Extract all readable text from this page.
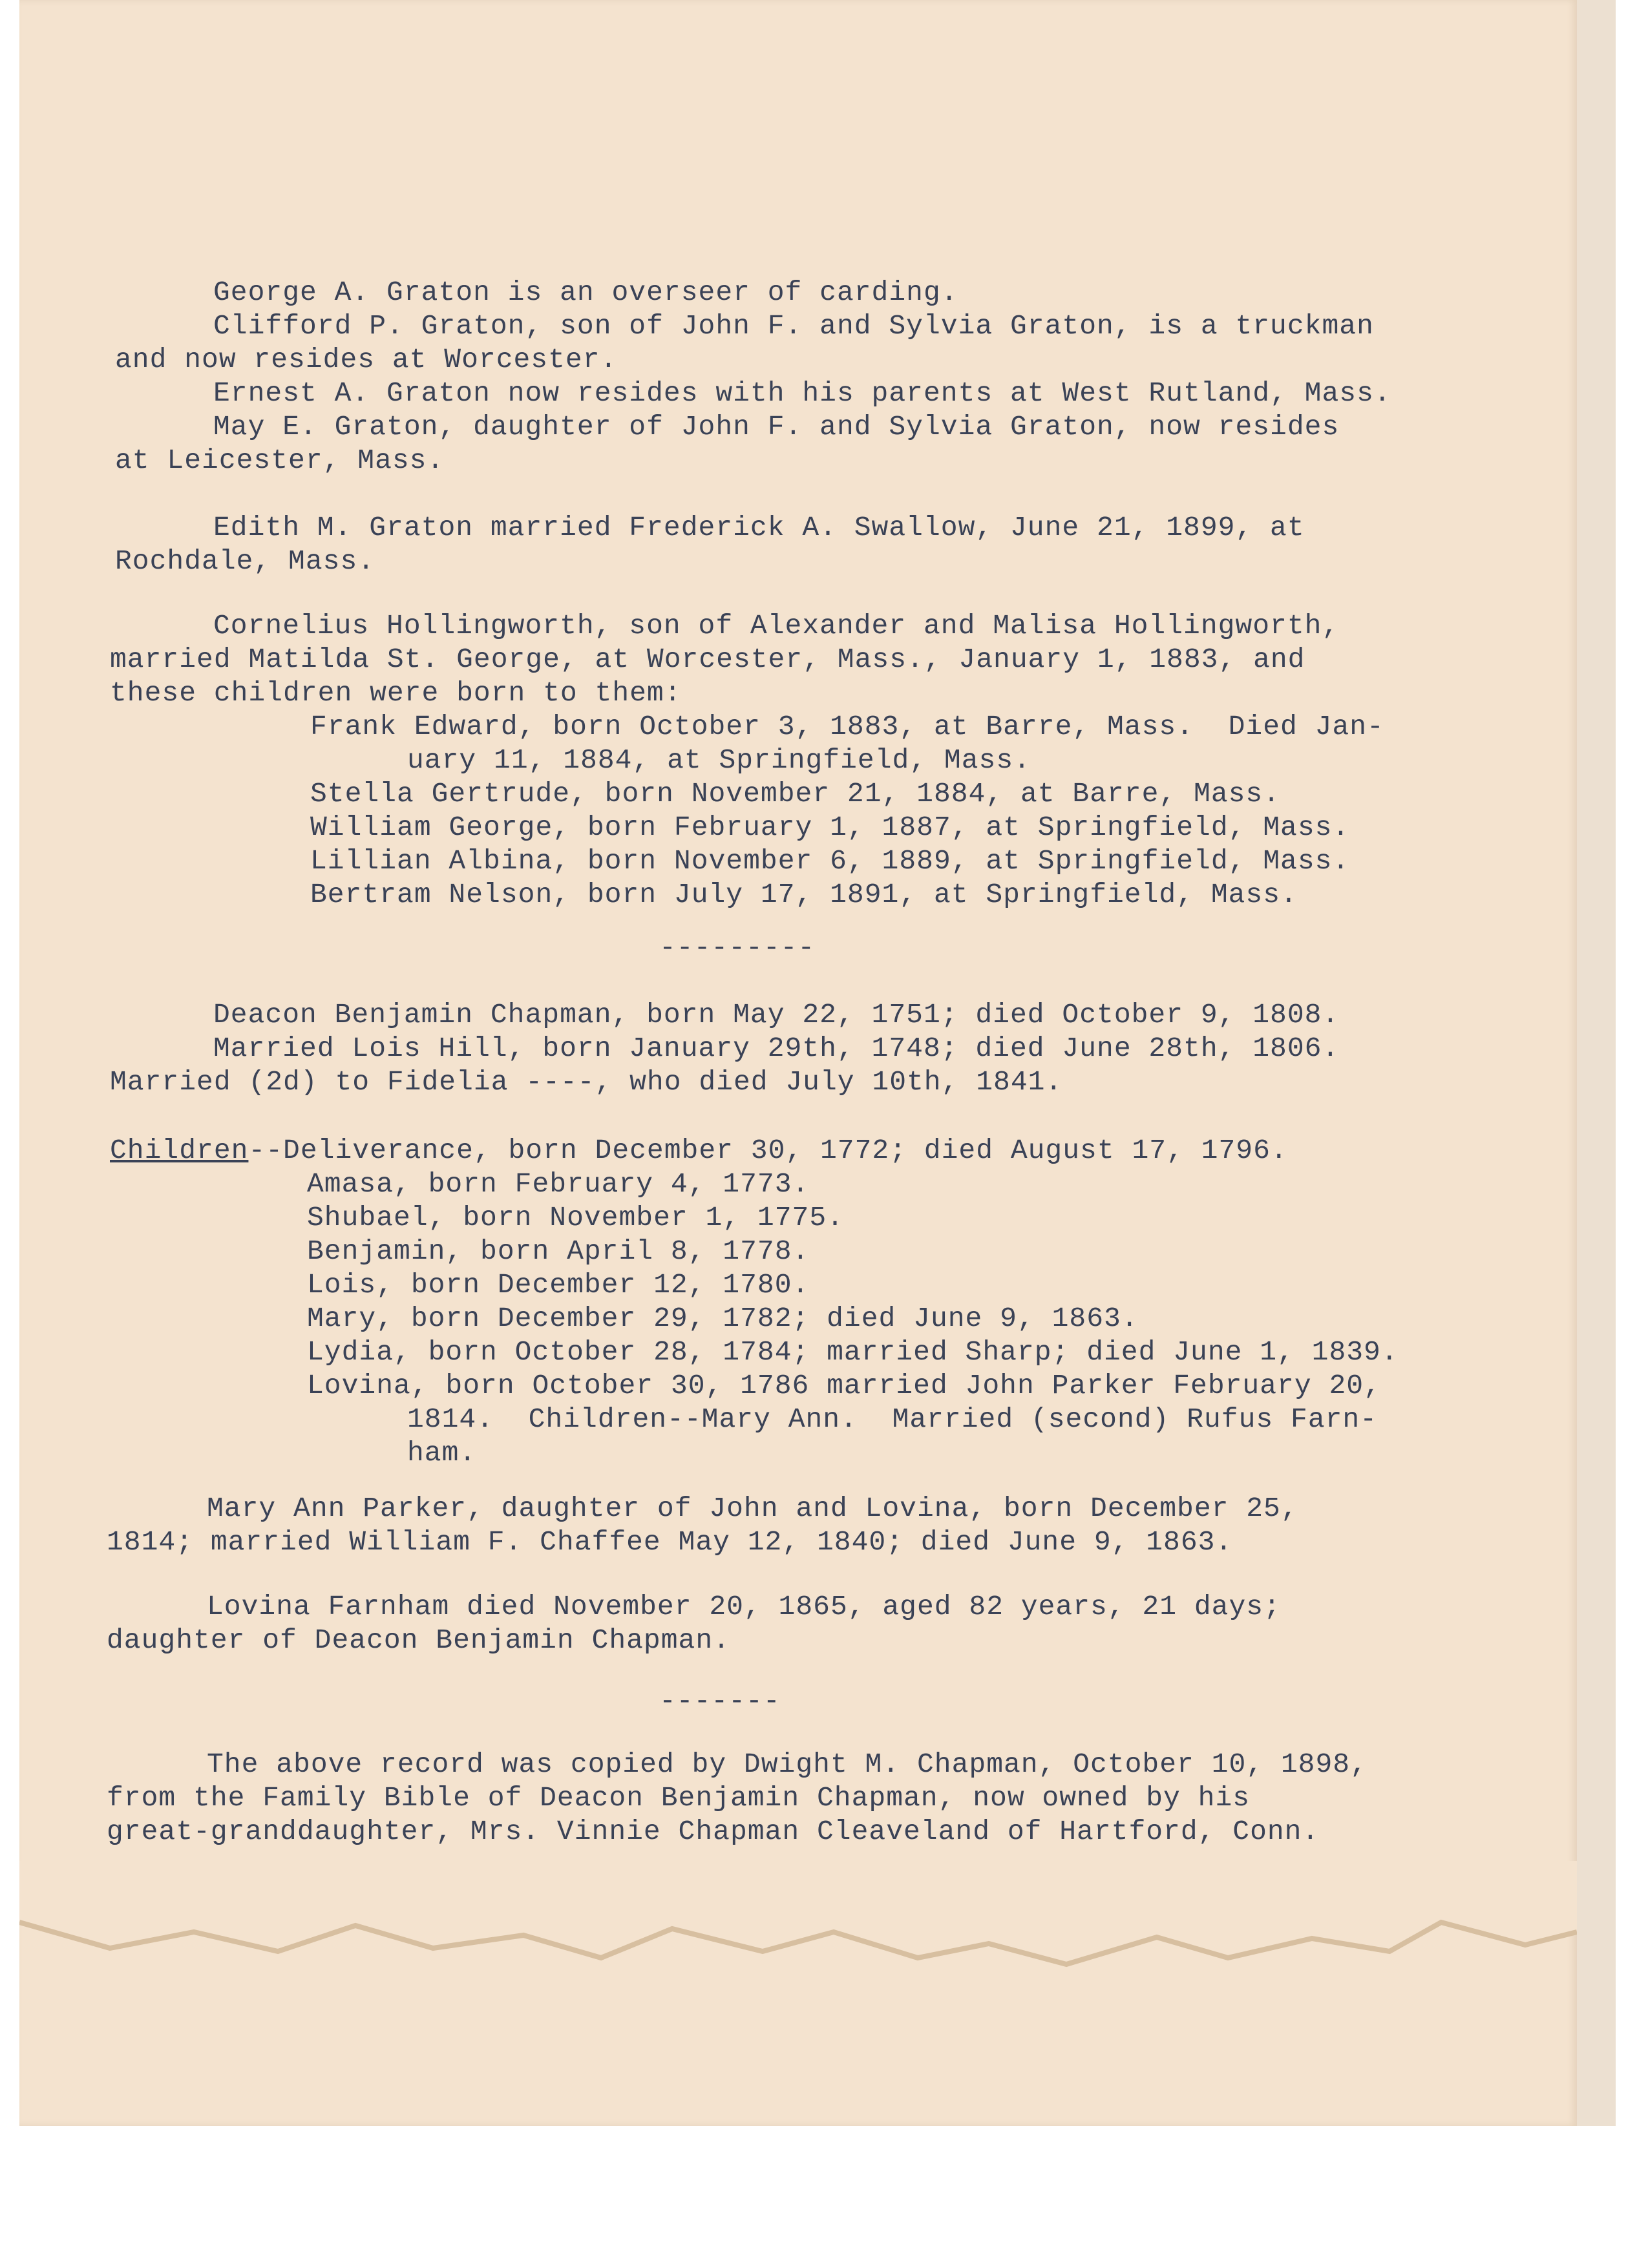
George A. Graton is an overseer of carding.

Clifford P. Graton, son of John F. and Sylvia Graton, is a truckman

and now resides at Worcester.

Ernest A. Graton now resides with his parents at West Rutland, Mass.

May E. Graton, daughter of John F. and Sylvia Graton, now resides

at Leicester, Mass.

Edith M. Graton married Frederick A. Swallow, June 21, 1899, at

Rochdale, Mass.

Cornelius Hollingworth, son of Alexander and Malisa Hollingworth,

married Matilda St. George, at Worcester, Mass., January 1, 1883, and

these children were born to them:

Frank Edward, born October 3, 1883, at Barre, Mass.  Died Jan-

uary 11, 1884, at Springfield, Mass.

Stella Gertrude, born November 21, 1884, at Barre, Mass.

William George, born February 1, 1887, at Springfield, Mass.

Lillian Albina, born November 6, 1889, at Springfield, Mass.

Bertram Nelson, born July 17, 1891, at Springfield, Mass.

---------

Deacon Benjamin Chapman, born May 22, 1751; died October 9, 1808.

Married Lois Hill, born January 29th, 1748; died June 28th, 1806.

Married (2d) to Fidelia ----, who died July 10th, 1841.

Children--Deliverance, born December 30, 1772; died August 17, 1796.

Amasa, born February 4, 1773.

Shubael, born November 1, 1775.

Benjamin, born April 8, 1778.

Lois, born December 12, 1780.

Mary, born December 29, 1782; died June 9, 1863.

Lydia, born October 28, 1784; married Sharp; died June 1, 1839.

Lovina, born October 30, 1786 married John Parker February 20,

1814.  Children--Mary Ann.  Married (second) Rufus Farn-

ham.

Mary Ann Parker, daughter of John and Lovina, born December 25,

1814; married William F. Chaffee May 12, 1840; died June 9, 1863.

Lovina Farnham died November 20, 1865, aged 82 years, 21 days;

daughter of Deacon Benjamin Chapman.

-------

The above record was copied by Dwight M. Chapman, October 10, 1898,

from the Family Bible of Deacon Benjamin Chapman, now owned by his

great-granddaughter, Mrs. Vinnie Chapman Cleaveland of Hartford, Conn.
